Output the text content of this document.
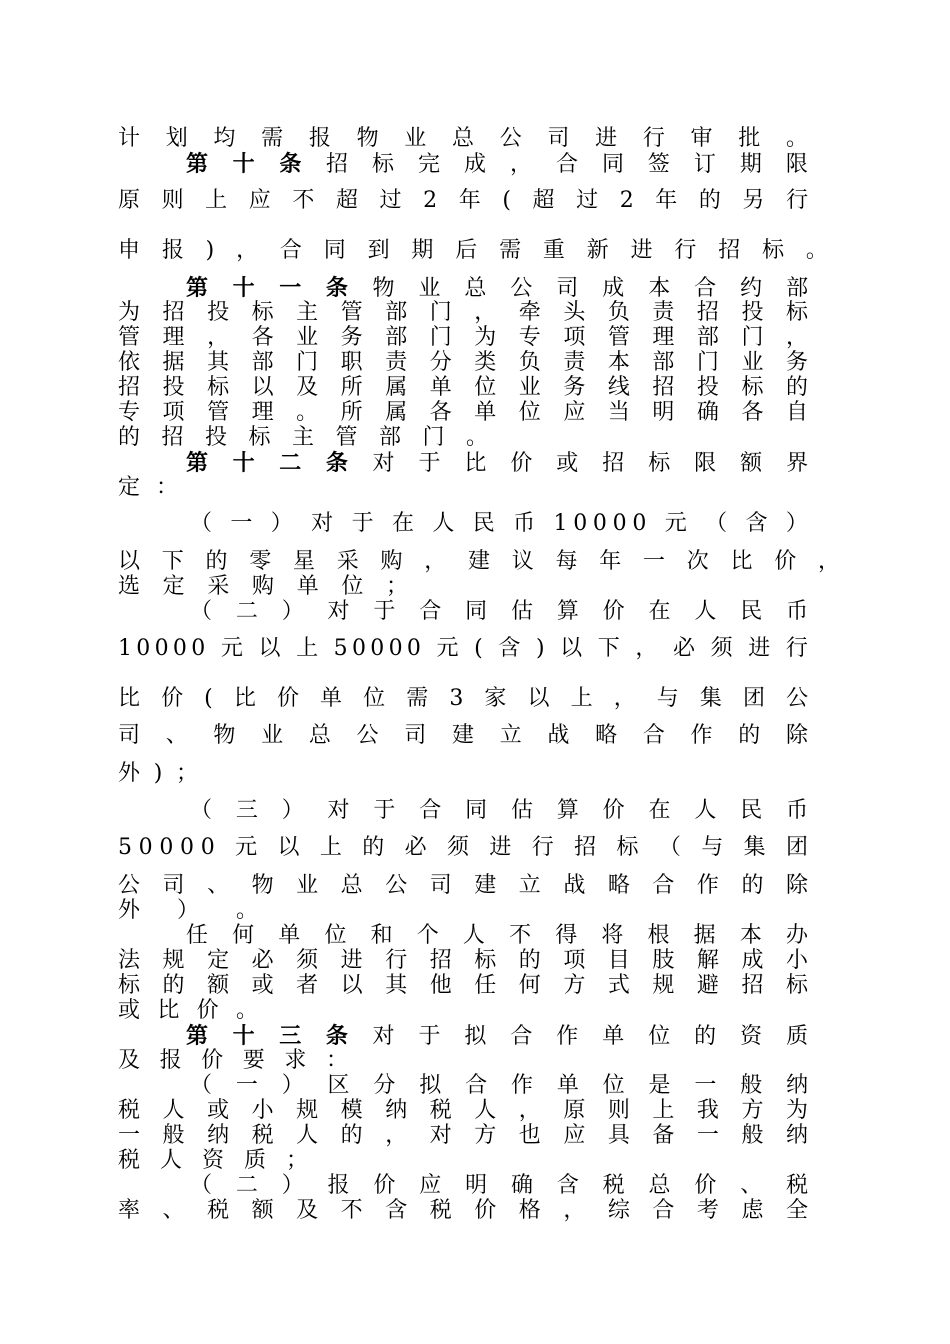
计 划 均 需 报 物 业 总 公 司 进 行 审 批 。
第 十 条 招 标 完 成 ， 合 同 签 订 期 限
原 则 上 应 不 超 过 2 年 ( 超 过 2 年 的 另 行
申 报 ) ， 合 同 到 期 后 需 重 新 进 行 招 标 。
第 十 一 条 物 业 总 公 司 成 本 合 约 部
为 招 投 标 主 管 部 门 ， 牵 头 负 责 招 投 标
管 理 ， 各 业 务 部 门 为 专 项 管 理 部 门 ，
依 据 其 部 门 职 责 分 类 负 责 本 部 门 业 务
招 投 标 以 及 所 属 单 位 业 务 线 招 投 标 的
专 项 管 理 。 所 属 各 单 位 应 当 明 确 各 自
的 招 投 标 主 管 部 门 。
第 十 二 条 对 于 比 价 或 招 标 限 额 界
定 ：
（ 一 ） 对 于 在 人 民 币 10000 元 （ 含 ）
以 下 的 零 星 采 购 ， 建 议 每 年 一 次 比 价 ，
选 定 采 购 单 位 ；
（ 二 ） 对 于 合 同 估 算 价 在 人 民 币
10000 元 以 上 50000 元 ( 含 ) 以 下 ， 必 须 进 行
比 价 ( 比 价 单 位 需 3 家 以 上 ， 与 集 团 公
司 、 物 业 总 公 司 建 立 战 略 合 作 的 除
外 ) ；
（ 三 ） 对 于 合 同 估 算 价 在 人 民 币
50000 元 以 上 的 必 须 进 行 招 标 （ 与 集 团
公 司 、 物 业 总 公 司 建 立 战 略 合 作 的 除
外 ） 。
任 何 单 位 和 个 人 不 得 将 根 据 本 办
法 规 定 必 须 进 行 招 标 的 项 目 肢 解 成 小
标 的 额 或 者 以 其 他 任 何 方 式 规 避 招 标
或 比 价 。
第 十 三 条 对 于 拟 合 作 单 位 的 资 质
及 报 价 要 求 ：
（ 一 ） 区 分 拟 合 作 单 位 是 一 般 纳
税 人 或 小 规 模 纳 税 人 ， 原 则 上 我 方 为
一 般 纳 税 人 的 ， 对 方 也 应 具 备 一 般 纳
税 人 资 质 ；
（ 二 ） 报 价 应 明 确 含 税 总 价 、 税
率 、 税 额 及 不 含 税 价 格 ， 综 合 考 虑 全
